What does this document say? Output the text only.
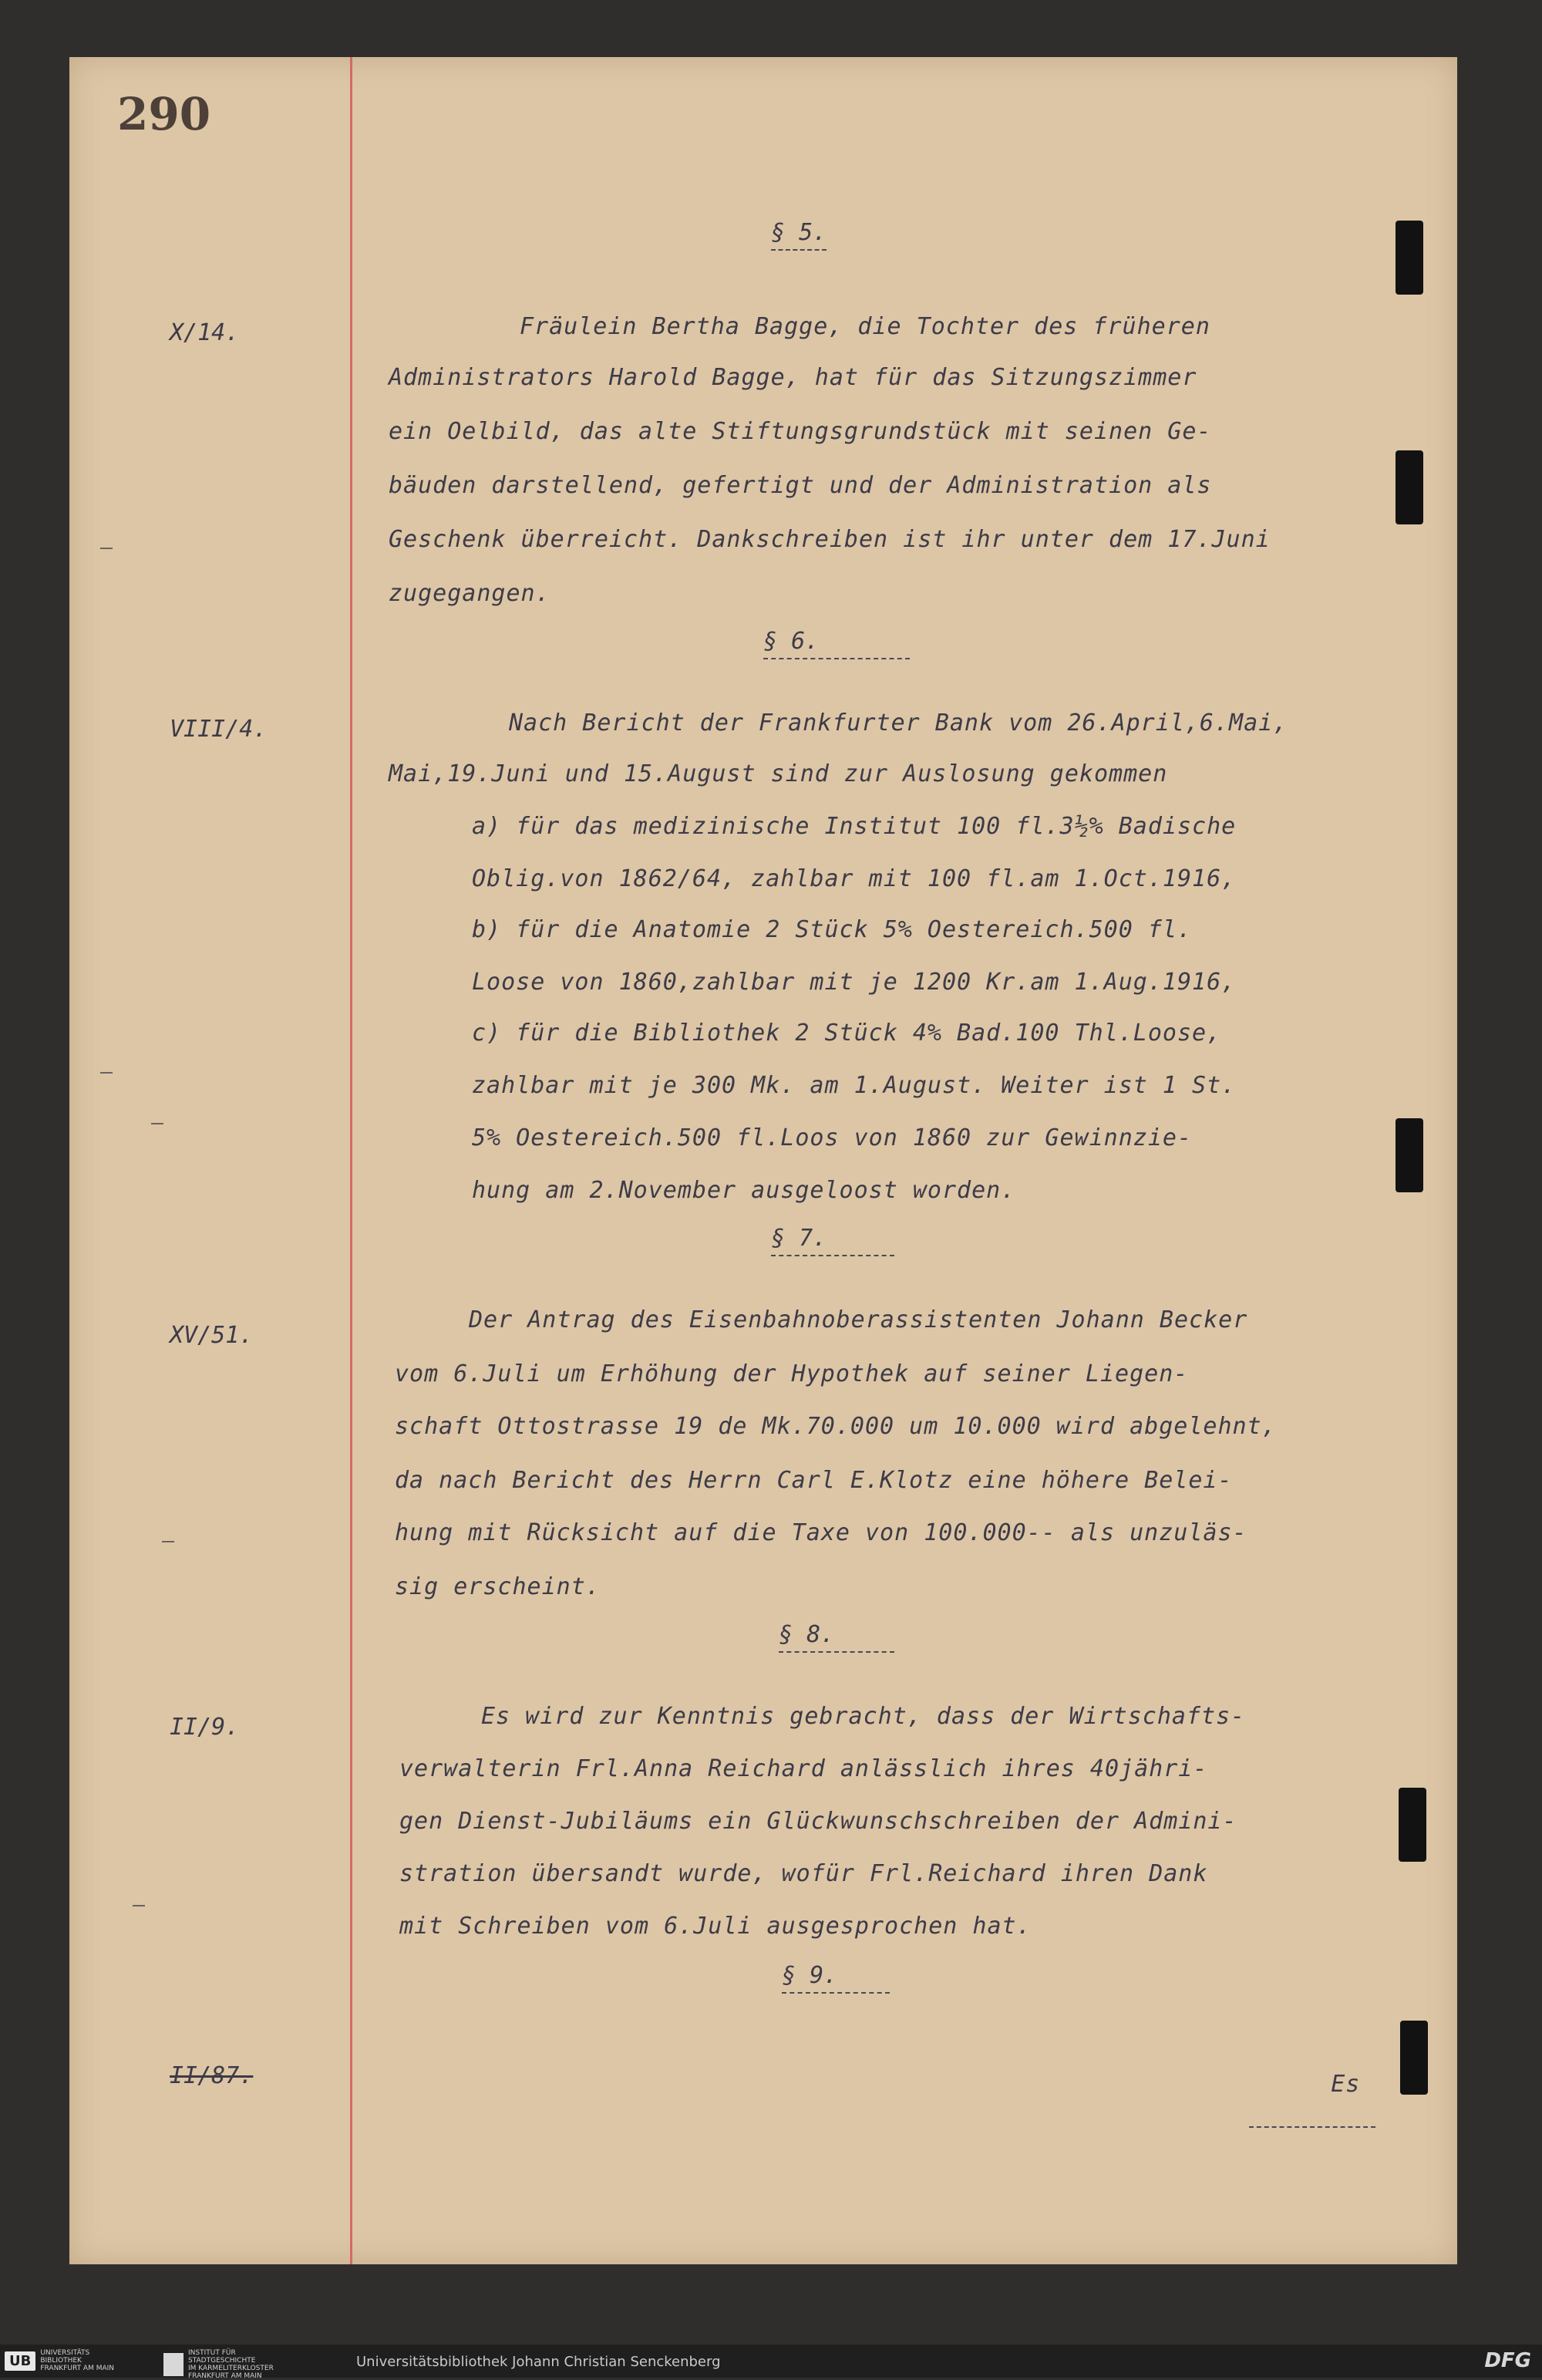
290
§ 5.
X/14.	Fräulein Bertha Bagge, die Tochter des früheren
Administrators Harold Bagge, hat für das Sitzungszimmer
ein Oelbild, das alte Stiftungsgrundstück mit seinen Ge-
bäuden darstellend, gefertigt und der Administration als
Geschenk überreicht. Dankschreiben ist ihr unter dem 17.Juni
zugegangen.
§ 6.
VIII/4.	Nach Bericht der Frankfurter Bank vom 26.April,6.Mai,
Mai,19.Juni und 15.August sind zur Auslosung gekommen
a) für das medizinische Institut 100 fl.3½% Badische
Oblig.von 1862/64, zahlbar mit 100 fl.am 1.Oct.1916,
b) für die Anatomie 2 Stück 5% Oestereich.500 fl.
Loose von 1860,zahlbar mit je 1200 Kr.am 1.Aug.1916,
c) für die Bibliothek 2 Stück 4% Bad.100 Thl.Loose,
zahlbar mit je 300 Mk. am 1.August. Weiter ist 1 St.
5% Oestereich.500 fl.Loos von 1860 zur Gewinnzie-
hung am 2.November ausgeloost worden.
§ 7.
XV/51.
Der Antrag des Eisenbahnoberassistenten Johann Becker
vom 6.Juli um Erhöhung der Hypothek auf seiner Liegen-
schaft Ottostrasse 19 de Mk.70.000 um 10.000 wird abgelehnt,
da nach Bericht des Herrn Carl E.Klotz eine höhere Belei-
hung mit Rücksicht auf die Taxe von 100.000-- als unzuläs-
sig erscheint.
§ 8.
II/9.	Es wird zur Kenntnis gebracht, dass der Wirtschafts-
verwalterin Frl.Anna Reichard anlässlich ihres 40jähri-
gen Dienst-Jubiläums ein Glückwunschschreiben der Admini-
stration übersandt wurde, wofür Frl.Reichard ihren Dank
mit Schreiben vom 6.Juli ausgesprochen hat.
§ 9.
II/87.	Es

UB	UNIVERSITÄTS
BIBLIOTHEK
FRANKFURT AM MAIN
INSTITUT FÜR
STADTGESCHICHTE
IM KARMELITERKLOSTER
FRANKFURT AM MAIN
Universitätsbibliothek Johann Christian Senckenberg	DFG
